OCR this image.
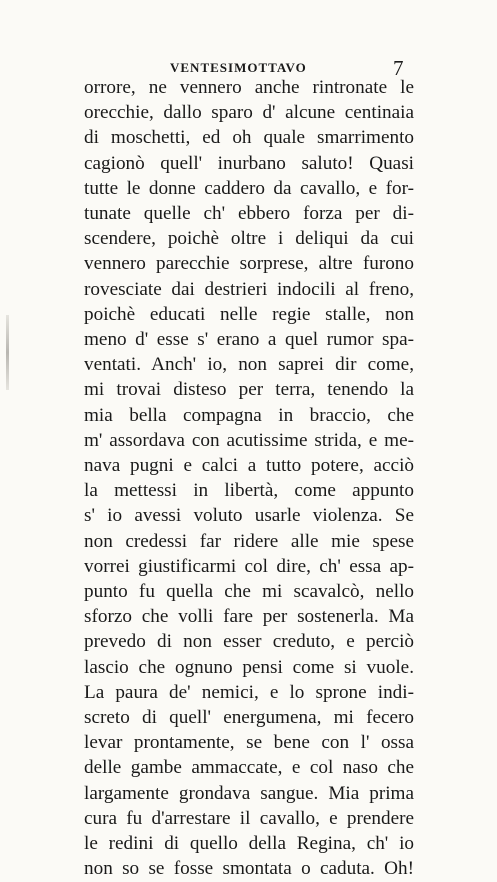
VENTESIMOTTAVO	7
orrore, ne vennero anche rintronate le
orecchie, dallo sparo d' alcune centinaia
di moschetti, ed oh quale smarrimento
cagionò quell' inurbano saluto! Quasi
tutte le donne caddero da cavallo, e for-
tunate quelle ch' ebbero forza per di-
scendere, poichè oltre i deliqui da cui
vennero parecchie sorprese, altre furono
rovesciate dai destrieri indocili al freno,
poichè educati nelle regie stalle, non
meno d' esse s' erano a quel rumor spa-
ventati. Anch' io, non saprei dir come,
mi trovai disteso per terra, tenendo la
mia bella compagna in braccio, che
m' assordava con acutissime strida, e me-
nava pugni e calci a tutto potere, acciò
la mettessi in libertà, come appunto
s' io avessi voluto usarle violenza. Se
non credessi far ridere alle mie spese
vorrei giustificarmi col dire, ch' essa ap-
punto fu quella che mi scavalcò, nello
sforzo che volli fare per sostenerla. Ma
prevedo di non esser creduto, e perciò
lascio che ognuno pensi come si vuole.
La paura de' nemici, e lo sprone indi-
screto di quell' energumena, mi fecero
levar prontamente, se bene con l' ossa
delle gambe ammaccate, e col naso che
largamente grondava sangue. Mia prima
cura fu d'arrestare il cavallo, e prendere
le redini di quello della Regina, ch' io
non so se fosse smontata o caduta. Oh!
